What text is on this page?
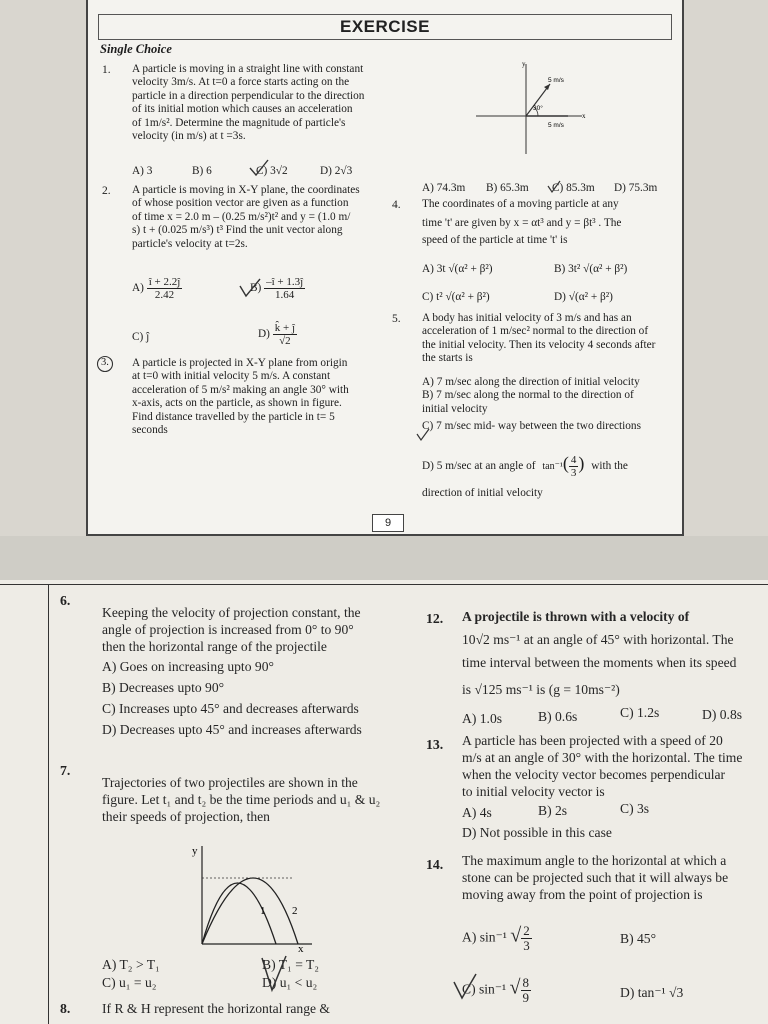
EXERCISE
Single Choice
1. A particle is moving in a straight line with constant
velocity 3m/s. At t=0 a force starts acting on the
particle in a direction perpendicular to the direction
of its initial motion which causes an acceleration
of 1m/s². Determine the magnitude of particle's
velocity (in m/s) at t =3s.
A) 3	B) 6	C) 3√2	D) 2√3
y
x
5 m/s
30°
5 m/s
A) 74.3m B) 65.3m C) 85.3m D) 75.3m
2. A particle is moving in X-Y plane, the coordinates
of whose position vector are given as a function
of time x = 2.0 m – (0.25 m/s²)t² and y = (1.0 m/
s) t + (0.025 m/s³) t³ Find the unit vector along
particle's velocity at t=2s.
$A) \frac{î + 2.2ĵ}{2.42}$	$B) \frac{-î + 1.3ĵ}{1.64}$
C) ĵ	$D) \frac{k̂ + ĵ}{√2}$
3. A particle is projected in X-Y plane from origin
at t=0 with initial velocity 5 m/s. A constant
acceleration of 5 m/s² making an angle 30° with
x-axis, acts on the particle, as shown in figure.
Find distance travelled by the particle in t= 5
seconds
4. The coordinates of a moving particle at any
time 't' are given by x = αt³ and y = βt³ . The
speed of the particle at time 't' is
A) 3t √(α² + β²)	B) 3t² √(α² + β²)
C) t² √(α² + β²)	D) √(α² + β²)
5. A body has initial velocity of 3 m/s and has an
acceleration of 1 m/sec² normal to the direction of
the initial velocity. Then its velocity 4 seconds after
the starts is
A) 7 m/sec along the direction of initial velocity
B) 7 m/sec along the normal to the direction of
initial velocity
C) 7 m/sec mid- way between the two directions
D) 5 m/sec at an angle of $\tan^{-1}( \frac{4}{3}$ ) with the
direction of initial velocity
9
6.
Keeping the velocity of projection constant, the
angle of projection is increased from 0° to 90°
then the horizontal range of the projectile
A) Goes on increasing upto 90°
B) Decreases upto 90°
C) Increases upto 45° and decreases afterwards
D) Decreases upto 45° and increases afterwards
7.
Trajectories of two projectiles are shown in the
figure. Let t₁ and t₂ be the time periods and u₁ & u₂
their speeds of projection, then
y
x
1 2
A) T₂ > T₁	B) T₁ = T₂
C) u₁ = u₂	D) u₁ < u₂
8. If R & H represent the horizontal range &
12. A projectile is thrown with a velocity of
10√2 ms⁻¹ at an angle of 45° with horizontal. The
time interval between the moments when its speed
is √125 ms⁻¹ is (g = 10ms⁻²)
A) 1.0s	B) 0.6s	C) 1.2s	D) 0.8s
13. A particle has been projected with a speed of 20
m/s at an angle of 30° with the horizontal. The time
when the velocity vector becomes perpendicular
to initial velocity vector is
A) 4s	B) 2s	C) 3s
D) Not possible in this case
14. The maximum angle to the horizontal at which a
stone can be projected such that it will always be
moving away from the point of projection is
A) sin⁻¹ √ $\frac{2}{3}$	B) 45°
C) sin⁻¹ √ $\frac{8}{9}$	D) tan⁻¹ √3
